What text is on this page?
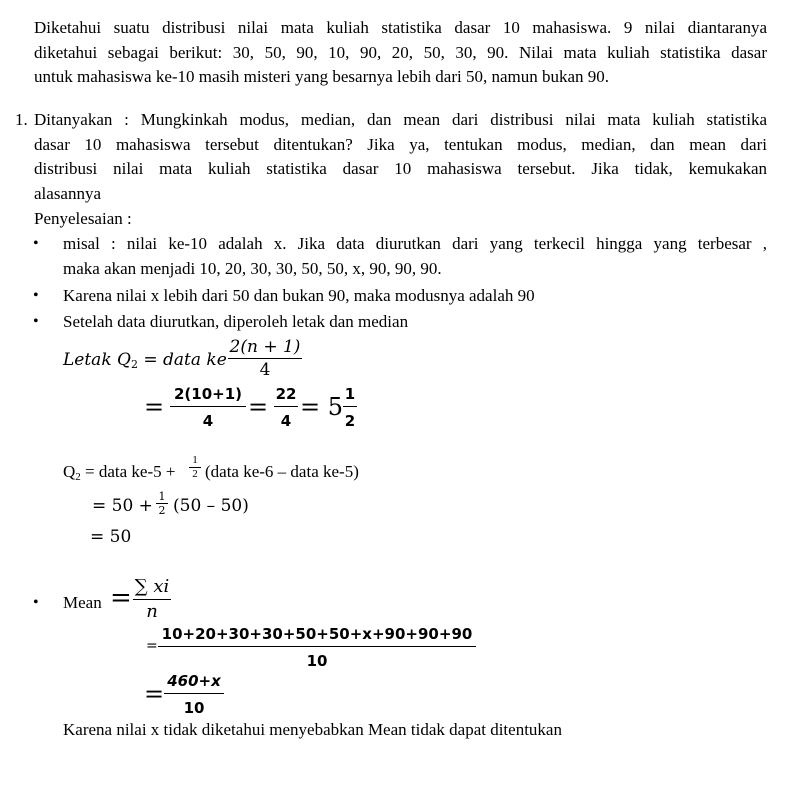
Diketahui suatu distribusi nilai mata kuliah statistika dasar 10 mahasiswa. 9 nilai diantaranya
diketahui sebagai berikut: 30, 50, 90, 10, 90, 20, 50, 30, 90. Nilai mata kuliah statistika dasar
untuk mahasiswa ke-10 masih misteri yang besarnya lebih dari 50, namun bukan 90.
1. Ditanyakan : Mungkinkah modus, median, dan mean dari distribusi nilai mata kuliah statistika
dasar 10 mahasiswa tersebut ditentukan? Jika ya, tentukan modus, median, dan mean dari
distribusi nilai mata kuliah statistika dasar 10 mahasiswa tersebut. Jika tidak, kemukakan
alasannya
Penyelesaian :
• misal : nilai ke-10 adalah x. Jika data diurutkan dari yang terkecil hingga yang terbesar ,
maka akan menjadi 10, 20, 30, 30, 50, 50, x, 90, 90, 90.
• Karena nilai x lebih dari 50 dan bukan 90, maka modusnya adalah 90
• Setelah data diurutkan, diperoleh letak dan median
Letak $Q_2$ = data ke
2(n + 1)
4
= 2(10+1)
4	= 22
4 = 5 1
2
$Q_2$ = data ke-5 +
1
2 (data ke-6 – data ke-5)
= 50 + 1
2 (50 – 50)
= 50
• Mean = ∑ xi
n
=
10+20+30+30+50+50+x+90+90+90
10
= 460+x
10
Karena nilai x tidak diketahui menyebabkan Mean tidak dapat ditentukan
